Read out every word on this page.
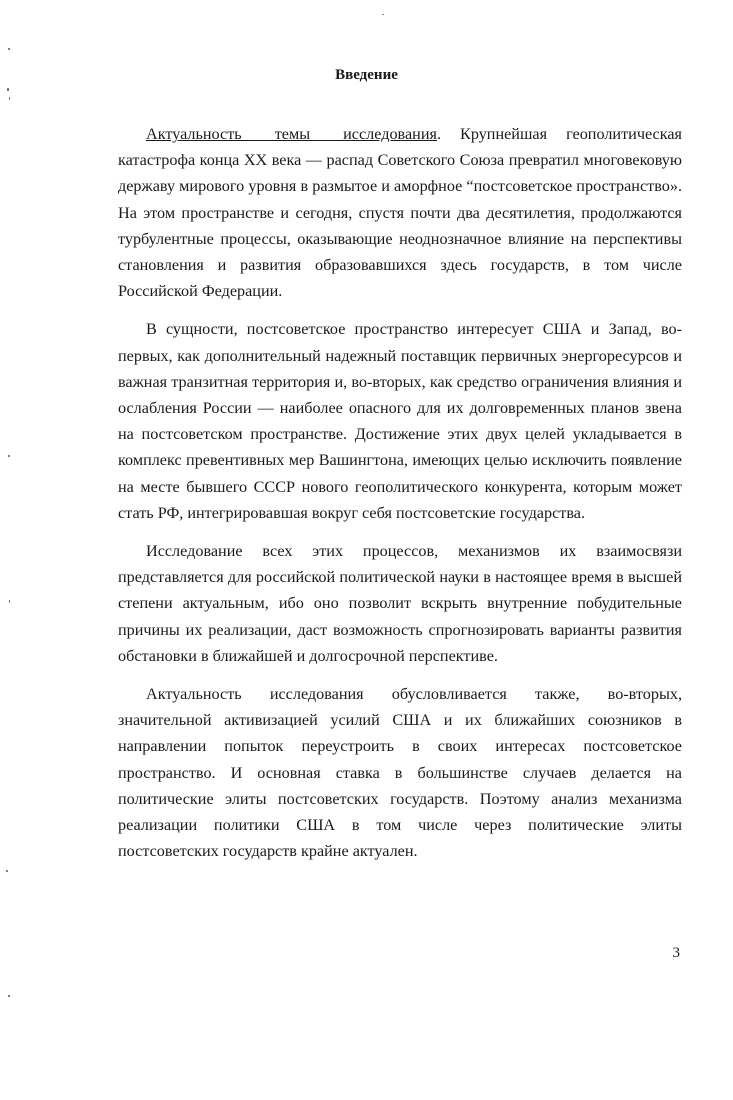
Введение

Актуальность темы исследования. Крупнейшая геополитическая катастрофа конца XX века — распад Советского Союза превратил многовековую державу мирового уровня в размытое и аморфное “постсоветское пространство». На этом пространстве и сегодня, спустя почти два десятилетия, продолжаются турбулентные процессы, оказывающие неоднозначное влияние на перспективы становления и развития образовавшихся здесь государств, в том числе Российской Федерации.

В сущности, постсоветское пространство интересует США и Запад, во-первых, как дополнительный надежный поставщик первичных энергоресурсов и важная транзитная территория и, во-вторых, как средство ограничения влияния и ослабления России — наиболее опасного для их долговременных планов звена на постсоветском пространстве. Достижение этих двух целей укладывается в комплекс превентивных мер Вашингтона, имеющих целью исключить появление на месте бывшего СССР нового геополитического конкурента, которым может стать РФ, интегрировавшая вокруг себя постсоветские государства.

Исследование всех этих процессов, механизмов их взаимосвязи представляется для российской политической науки в настоящее время в высшей степени актуальным, ибо оно позволит вскрыть внутренние побудительные причины их реализации, даст возможность спрогнозировать варианты развития обстановки в ближайшей и долгосрочной перспективе.

Актуальность исследования обусловливается также, во-вторых, значительной активизацией усилий США и их ближайших союзников в направлении попыток переустроить в своих интересах постсоветское пространство. И основная ставка в большинстве случаев делается на политические элиты постсоветских государств. Поэтому анализ механизма реализации политики США в том числе через политические элиты постсоветских государств крайне актуален.

3
